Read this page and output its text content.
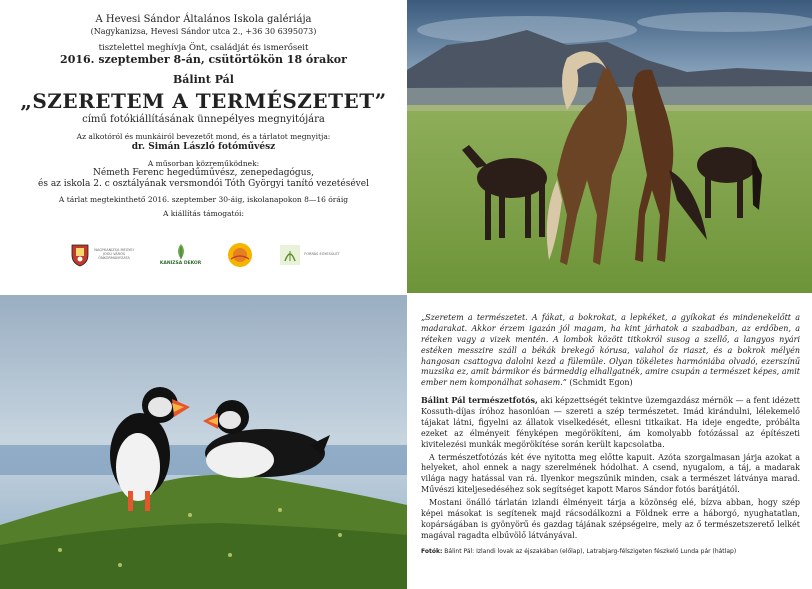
A Hevesi Sándor Általános Iskola galériája
(Nagykanizsa, Hevesi Sándor utca 2., +36 30 6395073)
tisztelettel meghívja Önt, családját és ismerőseit
2016. szeptember 8-án, csütörtökön 18 órakor
Bálint Pál
„SZERETEM A TERMÉSZETET”
című fotókiállításának ünnepélyes megnyitójára
Az alkotóról és munkáiról bevezetőt mond, és a tárlatot megnyitja:
dr. Simán László fotóművész
A műsorban közreműködnek:
Németh Ferenc hegedűművész, zenepedagógus,
és az iskola 2. c osztályának versmondói Tóth Györgyi tanító vezetésével
A tárlat megtekinthető 2016. szeptember 30-áig, iskolanapokon 8—16 óráig
A kiállítás támogatói:
NAGYKANIZSA MEGYEI JOGÚ VÁROS ÖNKORMÁNYZATA
KANIZSA DEKOR
FORRÁS EGYESÜLET

„Szeretem a természetet. A fákat, a bokrokat, a lepkéket, a gyíkokat és mindenekelőtt a madarakat. Akkor érzem igazán jól magam, ha kint járhatok a szabadban, az erdőben, a réteken vagy a vizek mentén. A lombok között titkokról susog a szellő, a langyos nyári estéken messzire száll a békák brekegő kórusa, valahol őz riaszt, és a bokrok mélyén hangosan csattogva dalolni kezd a fülemüle. Olyan tökéletes harmóniába olvadó, ezerszínű muzsika ez, amit bármikor és bármeddig elhallgatnék, amire csupán a természet képes, amit ember nem komponálhat sohasem.” (Schmidt Egon)

Bálint Pál természetfotós, aki képzettségét tekintve üzemgazdász mérnök — a fent idézett Kossuth-díjas íróhoz hasonlóan — szereti a szép természetet. Imád kirándulni, lélekemelő tájakat látni, figyelni az állatok viselkedését, ellesni titkaikat. Ha ideje engedte, próbálta ezeket az élményeit fényképen megörökíteni, ám komolyabb fotózással az építészeti kivitelezési munkák megörökítése során került kapcsolatba.

A természetfotózás két éve nyitotta meg előtte kapuit. Azóta szorgalmasan járja azokat a helyeket, ahol ennek a nagy szerelmének hódolhat. A csend, nyugalom, a táj, a madarak világa nagy hatással van rá. Ilyenkor megszűnik minden, csak a természet látványa marad. Művészi kiteljesedéséhez sok segítséget kapott Maros Sándor fotós barátjától.

Mostani önálló tárlatán izlandi élményeit tárja a közönség elé, bízva abban, hogy szép képei másokat is segítenek majd rácsodálkozni a Földnek erre a háborgó, nyughatatlan, kopárságában is gyönyörű és gazdag tájának szépségeire, mely az ő természetszerető lelkét magával ragadta elbűvölő látványával.

Fotók: Bálint Pál: Izlandi lovak az éjszakában (előlap), Latrabjarg-félszigeten fészkelő Lunda pár (hátlap)
